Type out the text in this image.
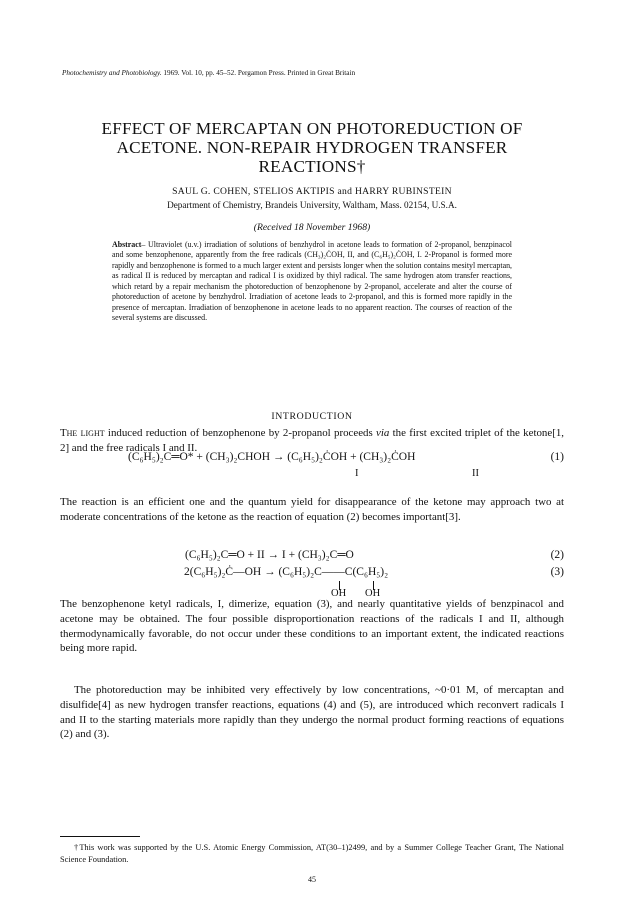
Photochemistry and Photobiology. 1969. Vol. 10, pp. 45–52. Pergamon Press. Printed in Great Britain
EFFECT OF MERCAPTAN ON PHOTOREDUCTION OF
ACETONE. NON-REPAIR HYDROGEN TRANSFER
REACTIONS†
SAUL G. COHEN, STELIOS AKTIPIS and HARRY RUBINSTEIN
Department of Chemistry, Brandeis University, Waltham, Mass. 02154, U.S.A.
(Received 18 November 1968)
Abstract– Ultraviolet (u.v.) irradiation of solutions of benzhydrol in acetone leads to formation of 2-propanol, benzpinacol and some benzophenone, apparently from the free radicals (CH₃)₂ĊOH, II, and (C₆H₅)₂ĊOH, I. 2-Propanol is formed more rapidly and benzophenone is formed to a much larger extent and persists longer when the solution contains mesityl mercaptan, as radical II is reduced by mercaptan and radical I is oxidized by thiyl radical. The same hydrogen atom transfer reactions, which retard by a repair mechanism the photoreduction of benzophenone by 2-propanol, accelerate and alter the course of photoreduction of acetone by benzhydrol. Irradiation of acetone leads to 2-propanol, and this is formed more rapidly in the presence of mercaptan. Irradiation of benzophenone in acetone leads to no apparent reaction. The courses of reaction of the several systems are discussed.
INTRODUCTION
The light induced reduction of benzophenone by 2-propanol proceeds via the first excited triplet of the ketone[1, 2] and the free radicals I and II.
(C₆H₅)₂C═O* + (CH₃)₂CHOH → (C₆H₅)₂ĊOH + (CH₃)₂ĊOH	(1)
I	II
The reaction is an efficient one and the quantum yield for disappearance of the ketone may approach two at moderate concentrations of the ketone as the reaction of equation (2) becomes important[3].
(C₆H₅)₂C═O + II → I + (CH₃)₂C═O	(2)
2(C₆H₅)₂Ċ—OH → (C₆H₅)₂C——C(C₆H₅)₂	(3)
OH OH
The benzophenone ketyl radicals, I, dimerize, equation (3), and nearly quantitative yields of benzpinacol and acetone may be obtained. The four possible disproportionation reactions of the radicals I and II, although thermodynamically favorable, do not occur under these conditions to an important extent, the indicated reactions being more rapid.
The photoreduction may be inhibited very effectively by low concentrations, ~0·01 M, of mercaptan and disulfide[4] as new hydrogen transfer reactions, equations (4) and (5), are introduced which reconvert radicals I and II to the starting materials more rapidly than they undergo the normal product forming reactions of equations (2) and (3).
†This work was supported by the U.S. Atomic Energy Commission, AT(30–1)2499, and by a Summer College Teacher Grant, The National Science Foundation.
45
